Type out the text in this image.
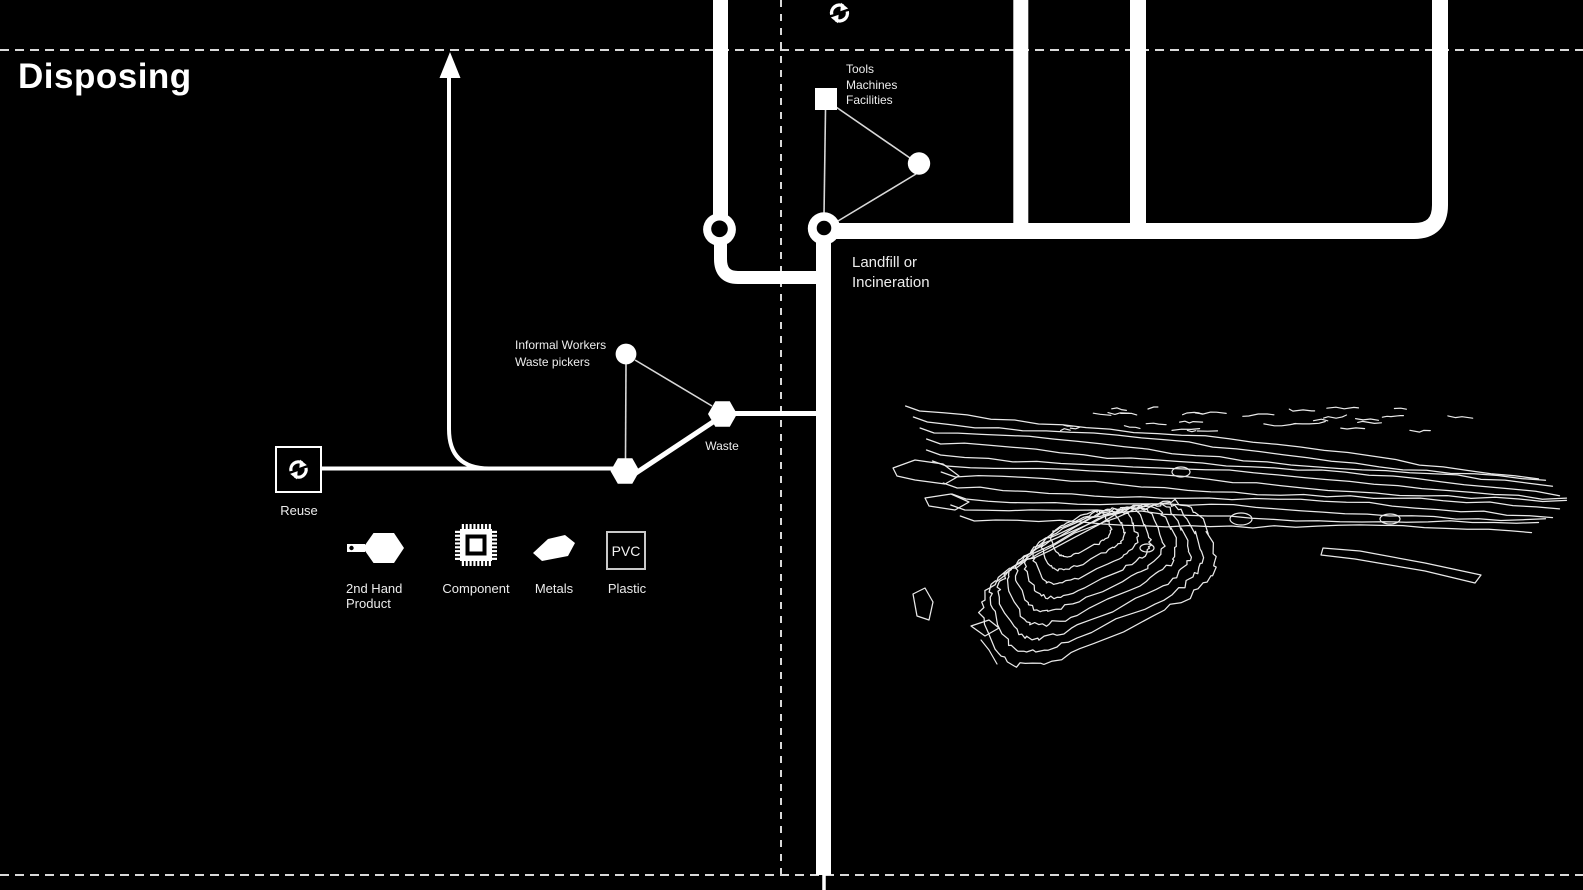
Disposing	Tools
Machines
Facilities
Landfill or
Incineration
Informal Workers
Waste pickers
Waste
Reuse
PVC
2nd Hand
Product
Component	Metals	Plastic
